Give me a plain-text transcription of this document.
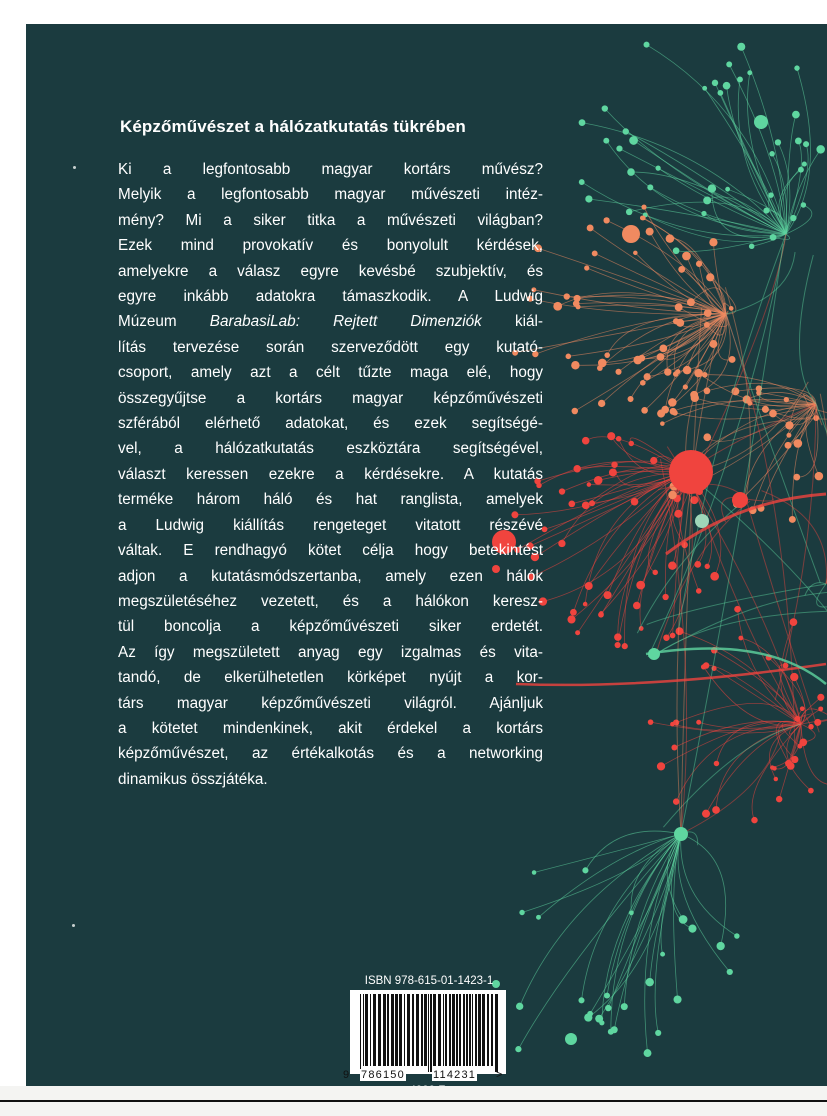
Képzőművészet a hálózatkutatás tükrében
Ki a legfontosabb magyar kortárs művész?
Melyik a legfontosabb magyar művészeti intéz-
mény? Mi a siker titka a művészeti világban?
Ezek mind provokatív és bonyolult kérdések,
amelyekre a válasz egyre kevésbé szubjektív, és
egyre inkább adatokra támaszkodik. A Ludwig
Múzeum BarabasiLab: Rejtett Dimenziók kiál-
lítás tervezése során szerveződött egy kutató-
csoport, amely azt a célt tűzte maga elé, hogy
összegyűjtse a kortárs magyar képzőművészeti
szférából elérhető adatokat, és ezek segítségé-
vel, a hálózatkutatás eszköztára segítségével,
választ keressen ezekre a kérdésekre. A kutatás
terméke három háló és hat ranglista, amelyek
a Ludwig kiállítás rengeteget vitatott részévé
váltak. E rendhagyó kötet célja hogy betekintést
adjon a kutatásmódszertanba, amely ezen hálók
megszületéséhez vezetett, és a hálókon keresz-
tül boncolja a képzőművészeti siker erdetét.
Az így megszületett anyag egy izgalmas és vita-
tandó, de elkerülhetetlen körképet nyújt a kor-
társ magyar képzőművészeti világról. Ajánljuk
a kötetet mindenkinek, akit érdekel a kortárs
képzőművészet, az értékalkotás és a networking
dinamikus összjátéka.
ISBN 978-615-01-1423-1
9 786150	114231 >
